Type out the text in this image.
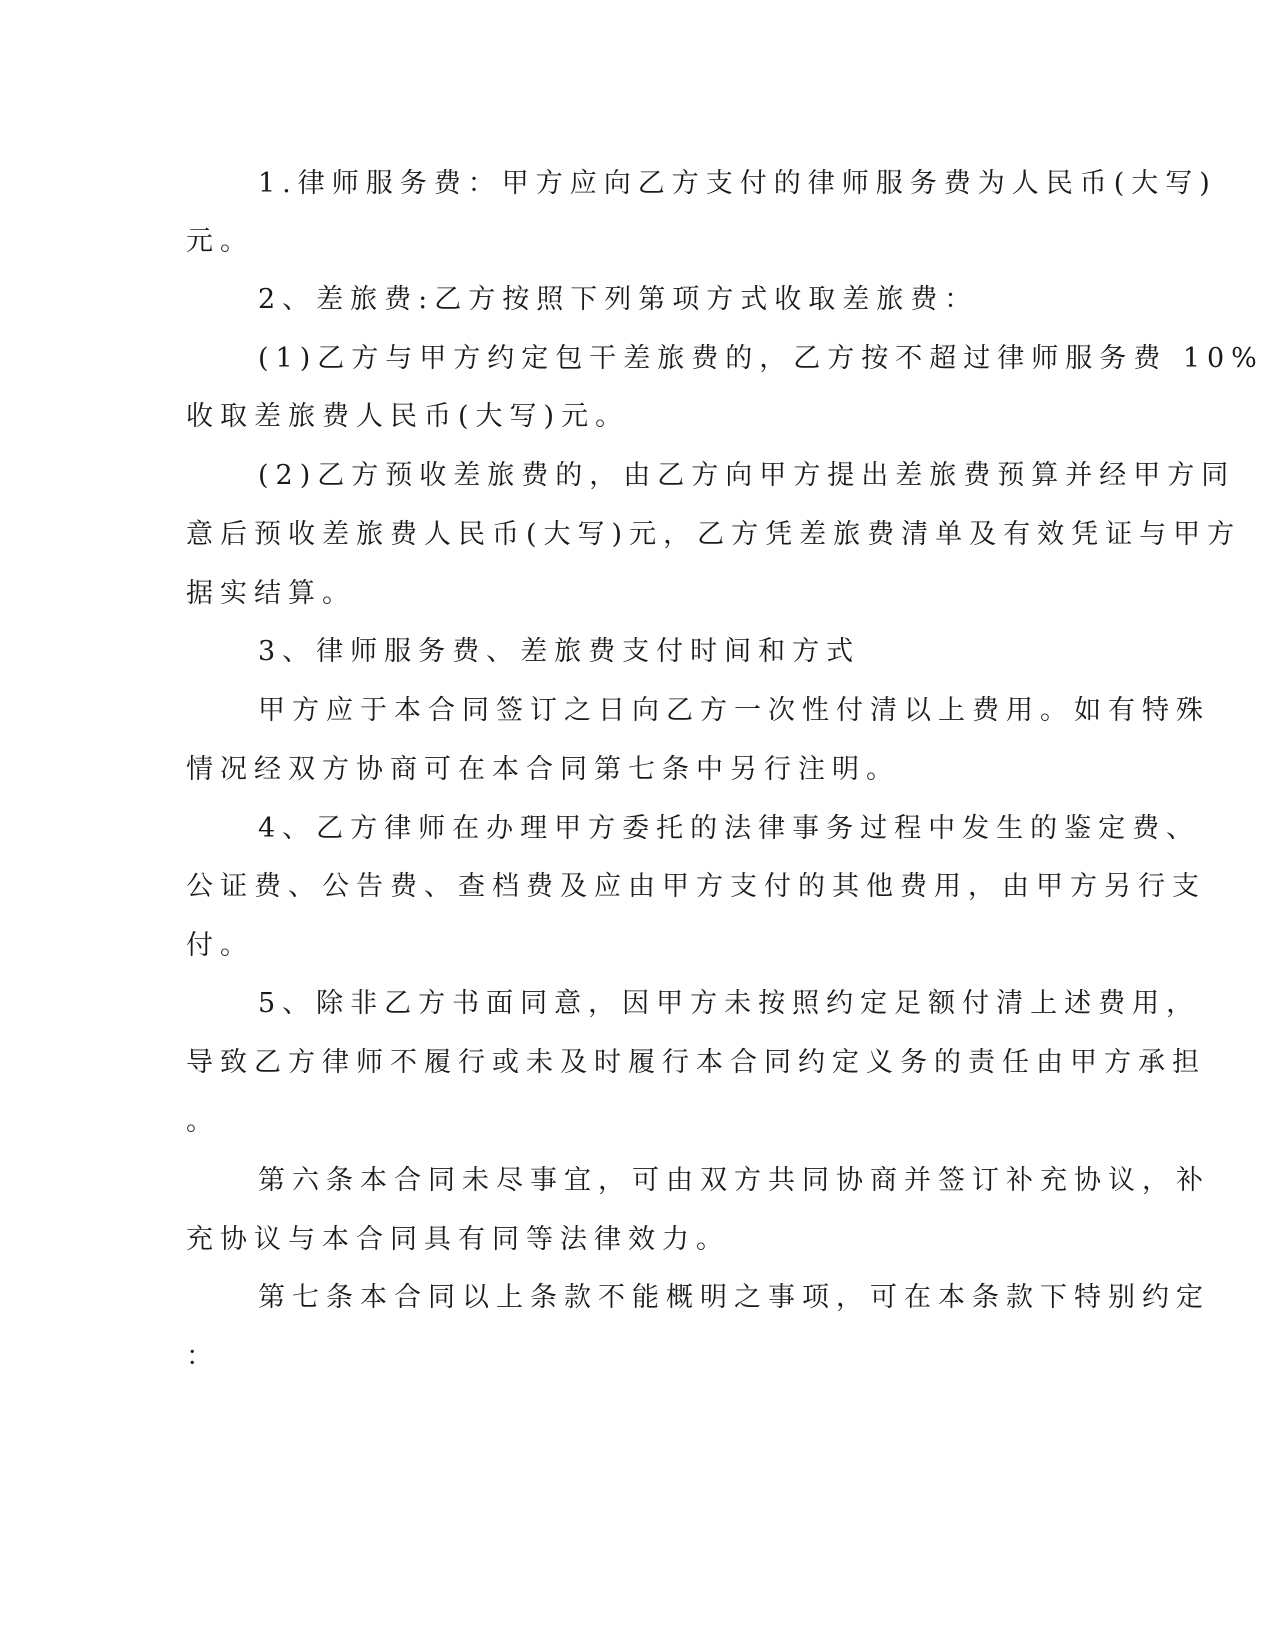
1.律师服务费：甲方应向乙方支付的律师服务费为人民币(大写)
元。
2、差旅费:乙方按照下列第项方式收取差旅费：
(1)乙方与甲方约定包干差旅费的，乙方按不超过律师服务费 10%
收取差旅费人民币(大写)元。
(2)乙方预收差旅费的，由乙方向甲方提出差旅费预算并经甲方同
意后预收差旅费人民币(大写)元，乙方凭差旅费清单及有效凭证与甲方
据实结算。
3、律师服务费、差旅费支付时间和方式
甲方应于本合同签订之日向乙方一次性付清以上费用。如有特殊
情况经双方协商可在本合同第七条中另行注明。
4、乙方律师在办理甲方委托的法律事务过程中发生的鉴定费、
公证费、公告费、查档费及应由甲方支付的其他费用，由甲方另行支
付。
5、除非乙方书面同意，因甲方未按照约定足额付清上述费用，
导致乙方律师不履行或未及时履行本合同约定义务的责任由甲方承担
。
第六条本合同未尽事宜，可由双方共同协商并签订补充协议，补
充协议与本合同具有同等法律效力。
第七条本合同以上条款不能概明之事项，可在本条款下特别约定
：
